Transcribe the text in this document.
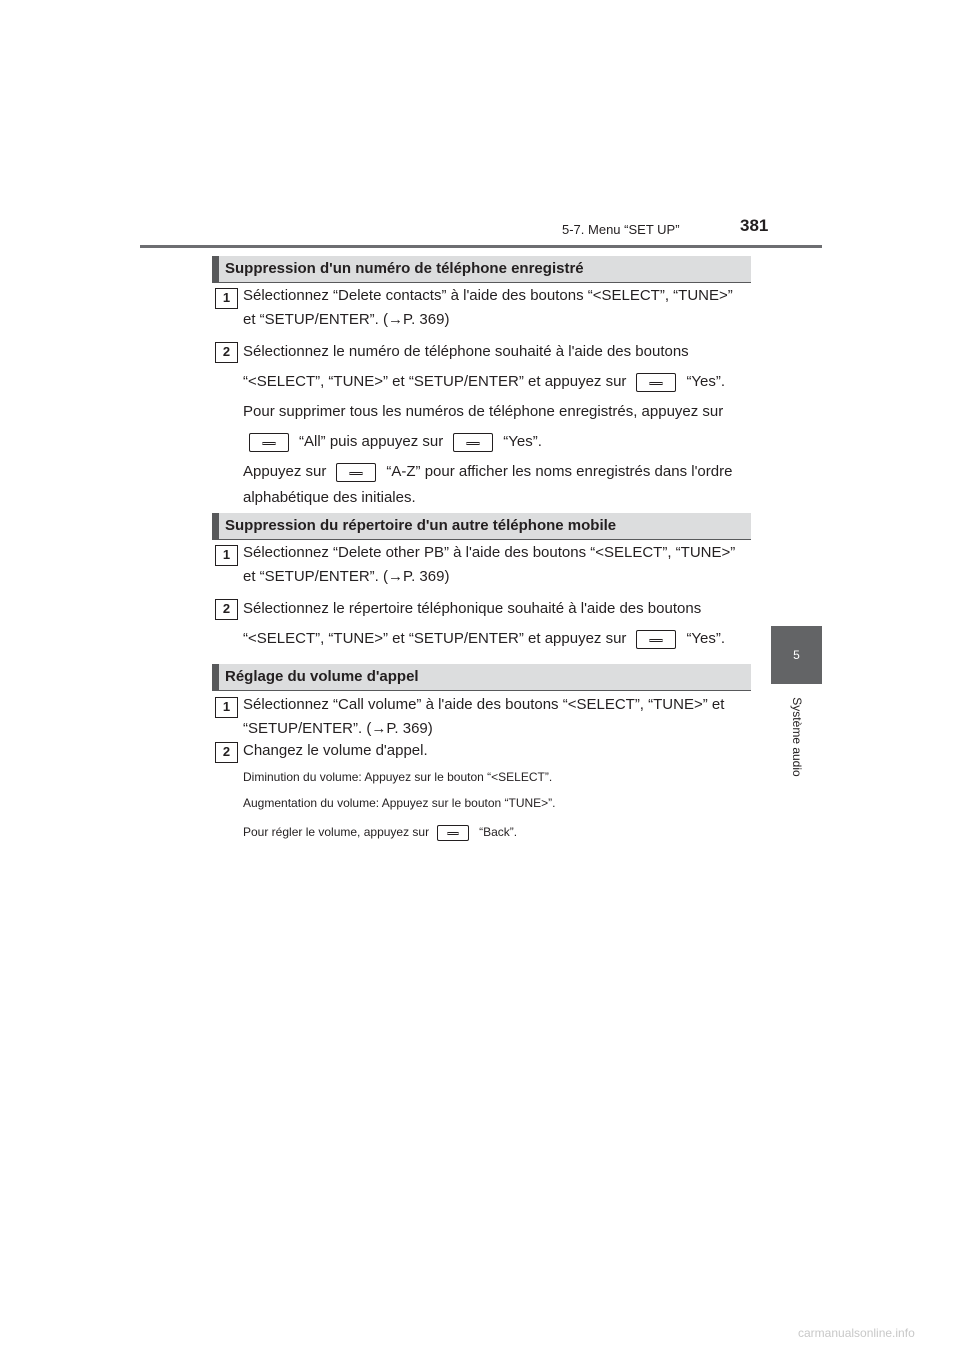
5-7. Menu “SET UP”	381
5
Système audio
Suppression d'un numéro de téléphone enregistré
1 Sélectionnez “Delete contacts” à l'aide des boutons “<SELECT”, “TUNE>”
et “SETUP/ENTER”. (→P. 369)
2 Sélectionnez le numéro de téléphone souhaité à l'aide des boutons
“<SELECT”, “TUNE>” et “SETUP/ENTER” et appuyez sur	“Yes”.
Pour supprimer tous les numéros de téléphone enregistrés, appuyez sur
“All” puis appuyez sur	“Yes”.
Appuyez sur	“A-Z” pour afficher les noms enregistrés dans l'ordre
alphabétique des initiales.
Suppression du répertoire d'un autre téléphone mobile
1 Sélectionnez “Delete other PB” à l'aide des boutons “<SELECT”, “TUNE>”
et “SETUP/ENTER”. (→P. 369)
2 Sélectionnez le répertoire téléphonique souhaité à l'aide des boutons
“<SELECT”, “TUNE>” et “SETUP/ENTER” et appuyez sur	“Yes”.
Réglage du volume d'appel
1 Sélectionnez “Call volume” à l'aide des boutons “<SELECT”, “TUNE>” et
“SETUP/ENTER”. (→P. 369)
2 Changez le volume d'appel.
Diminution du volume: Appuyez sur le bouton “<SELECT”.
Augmentation du volume: Appuyez sur le bouton “TUNE>”.
Pour régler le volume, appuyez sur	“Back”.
carmanualsonline.info
